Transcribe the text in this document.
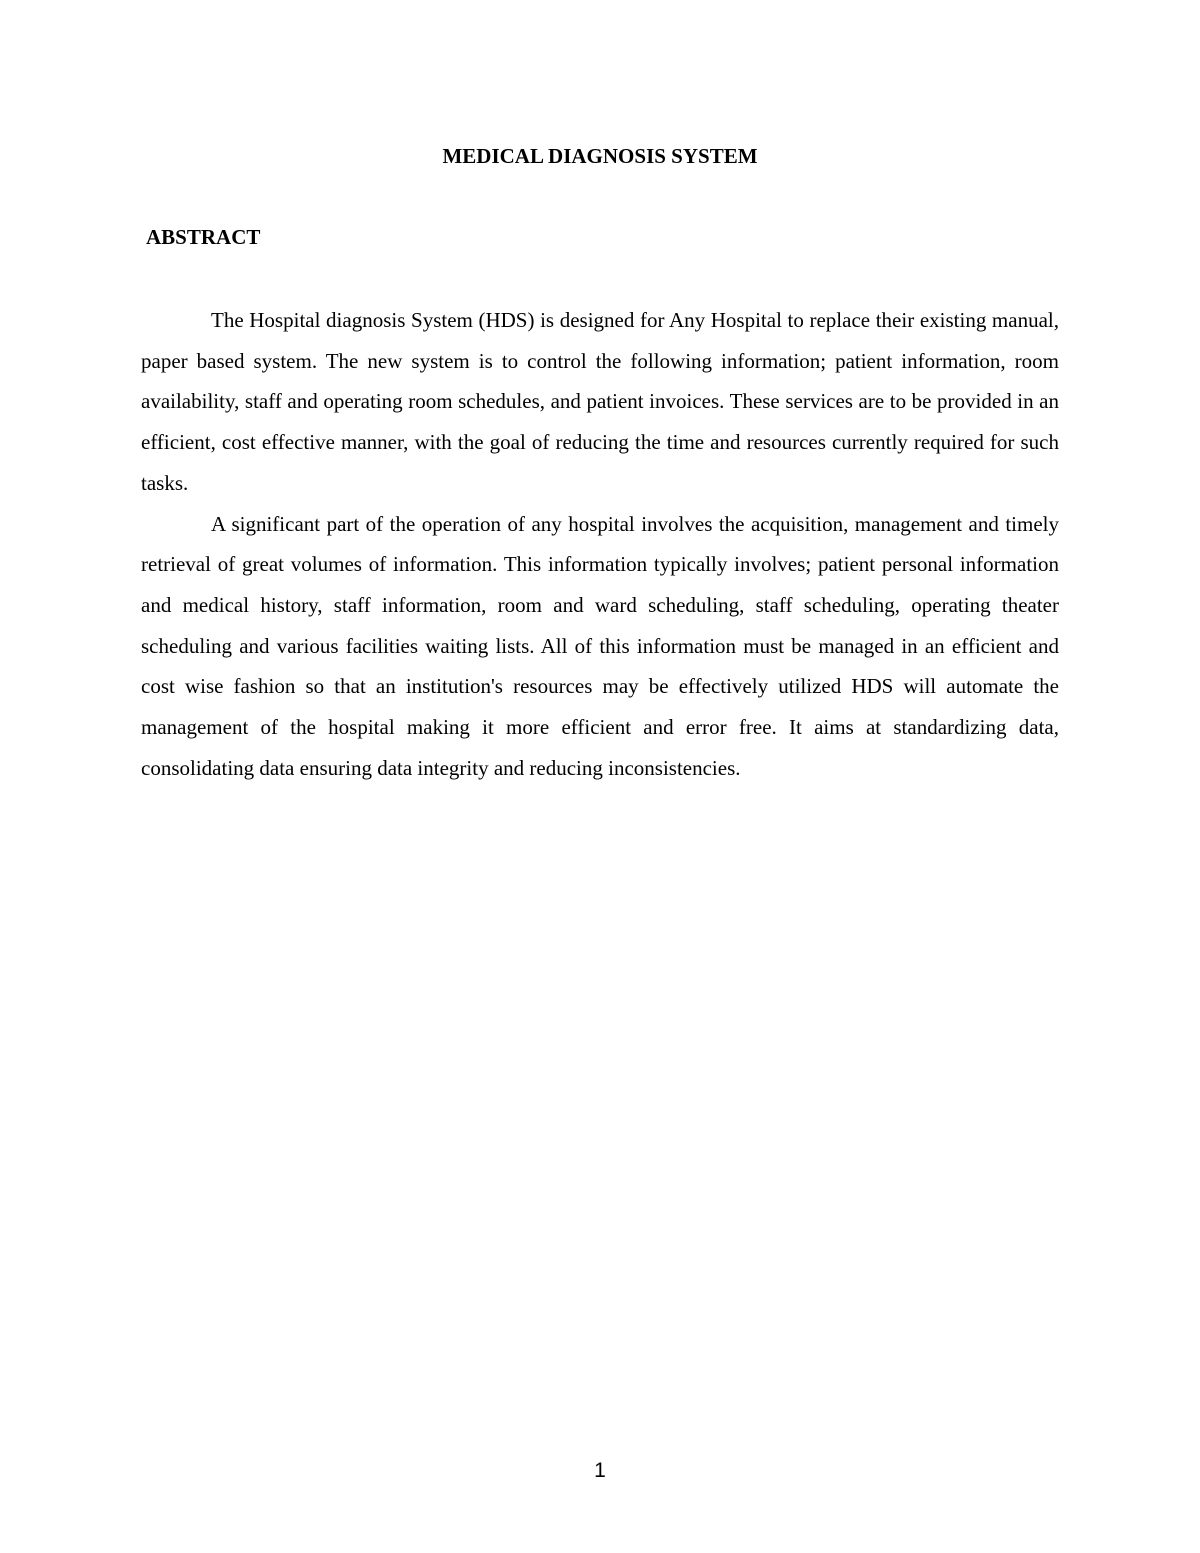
MEDICAL DIAGNOSIS SYSTEM
ABSTRACT

The Hospital diagnosis System (HDS) is designed for Any Hospital to replace their existing manual, paper based system. The new system is to control the following information; patient information, room availability, staff and operating room schedules, and patient invoices. These services are to be provided in an efficient, cost effective manner, with the goal of reducing the time and resources currently required for such tasks.

A significant part of the operation of any hospital involves the acquisition, management and timely retrieval of great volumes of information. This information typically involves; patient personal information and medical history, staff information, room and ward scheduling, staff scheduling, operating theater scheduling and various facilities waiting lists. All of this information must be managed in an efficient and cost wise fashion so that an institution's resources may be effectively utilized HDS will automate the management of the hospital making it more efficient and error free. It aims at standardizing data, consolidating data ensuring data integrity and reducing inconsistencies.

1
